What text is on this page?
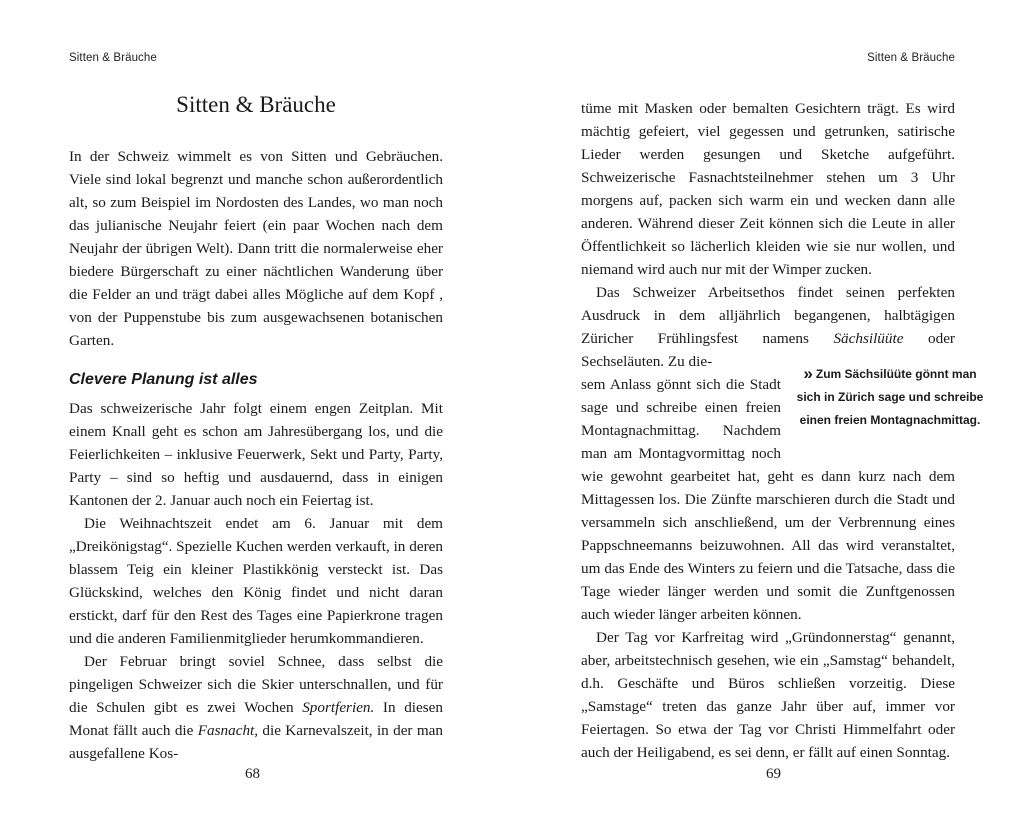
Sitten & Bräuche
Sitten & Bräuche

In der Schweiz wimmelt es von Sitten und Gebräuchen. Viele sind lokal begrenzt und manche schon außerordentlich alt, so zum Beispiel im Nordosten des Landes, wo man noch das julianische Neujahr feiert (ein paar Wochen nach dem Neujahr der übrigen Welt). Dann tritt die normalerweise eher biedere Bürgerschaft zu einer nächtlichen Wanderung über die Felder an und trägt dabei alles Mögliche auf dem Kopf , von der Puppenstube bis zum ausgewachsenen botanischen Garten.

Clevere Planung ist alles

Das schweizerische Jahr folgt einem engen Zeitplan. Mit einem Knall geht es schon am Jahresübergang los, und die Feierlichkeiten – inklusive Feuerwerk, Sekt und Party, Party, Party – sind so heftig und ausdauernd, dass in einigen Kantonen der 2. Januar auch noch ein Feiertag ist.

Die Weihnachtszeit endet am 6. Januar mit dem „Dreikönigstag“. Spezielle Kuchen werden verkauft, in deren blassem Teig ein kleiner Plastikkönig versteckt ist. Das Glückskind, welches den König findet und nicht daran erstickt, darf für den Rest des Tages eine Papierkrone tragen und die anderen Familienmitglieder herumkommandieren.

Der Februar bringt soviel Schnee, dass selbst die pingeligen Schweizer sich die Skier unterschnallen, und für die Schulen gibt es zwei Wochen Sportferien. In diesen Monat fällt auch die Fasnacht, die Karnevalszeit, in der man ausgefallene Kos-

68
Sitten & Bräuche
69

tüme mit Masken oder bemalten Gesichtern trägt. Es wird mächtig gefeiert, viel gegessen und getrunken, satirische Lieder werden gesungen und Sketche aufgeführt. Schweizerische Fasnachtsteilnehmer stehen um 3 Uhr morgens auf, packen sich warm ein und wecken dann alle anderen. Während dieser Zeit können sich die Leute in aller Öffentlichkeit so lächerlich kleiden wie sie nur wollen, und niemand wird auch nur mit der Wimper zucken.

Das Schweizer Arbeitsethos findet seinen perfekten Ausdruck in dem alljährlich begangenen, halbtägigen Züricher Frühlingsfest namens Sächsilüüte oder Sechseläuten. Zu die-

sem Anlass gönnt sich die Stadt
sage und schreibe einen freien
Montagnachmittag. Nachdem
man am Montagvormittag noch

wie gewohnt gearbeitet hat, geht es dann kurz nach dem Mittagessen los. Die Zünfte marschieren durch die Stadt und versammeln sich anschließend, um der Verbrennung eines Pappschneemanns beizuwohnen. All das wird veranstaltet, um das Ende des Winters zu feiern und die Tatsache, dass die Tage wieder länger werden und somit die Zunftgenossen auch wieder länger arbeiten können.

Der Tag vor Karfreitag wird „Gründonnerstag“ genannt, aber, arbeitstechnisch gesehen, wie ein „Samstag“ behandelt, d.h. Geschäfte und Büros schließen vorzeitig. Diese „Samstage“ treten das ganze Jahr über auf, immer vor Feiertagen. So etwa der Tag vor Christi Himmelfahrt oder auch der Heiligabend, es sei denn, er fällt auf einen Sonntag.

» Zum Sächsilüüte gönnt man
sich in Zürich sage und schreibe
einen freien Montagnachmittag.
